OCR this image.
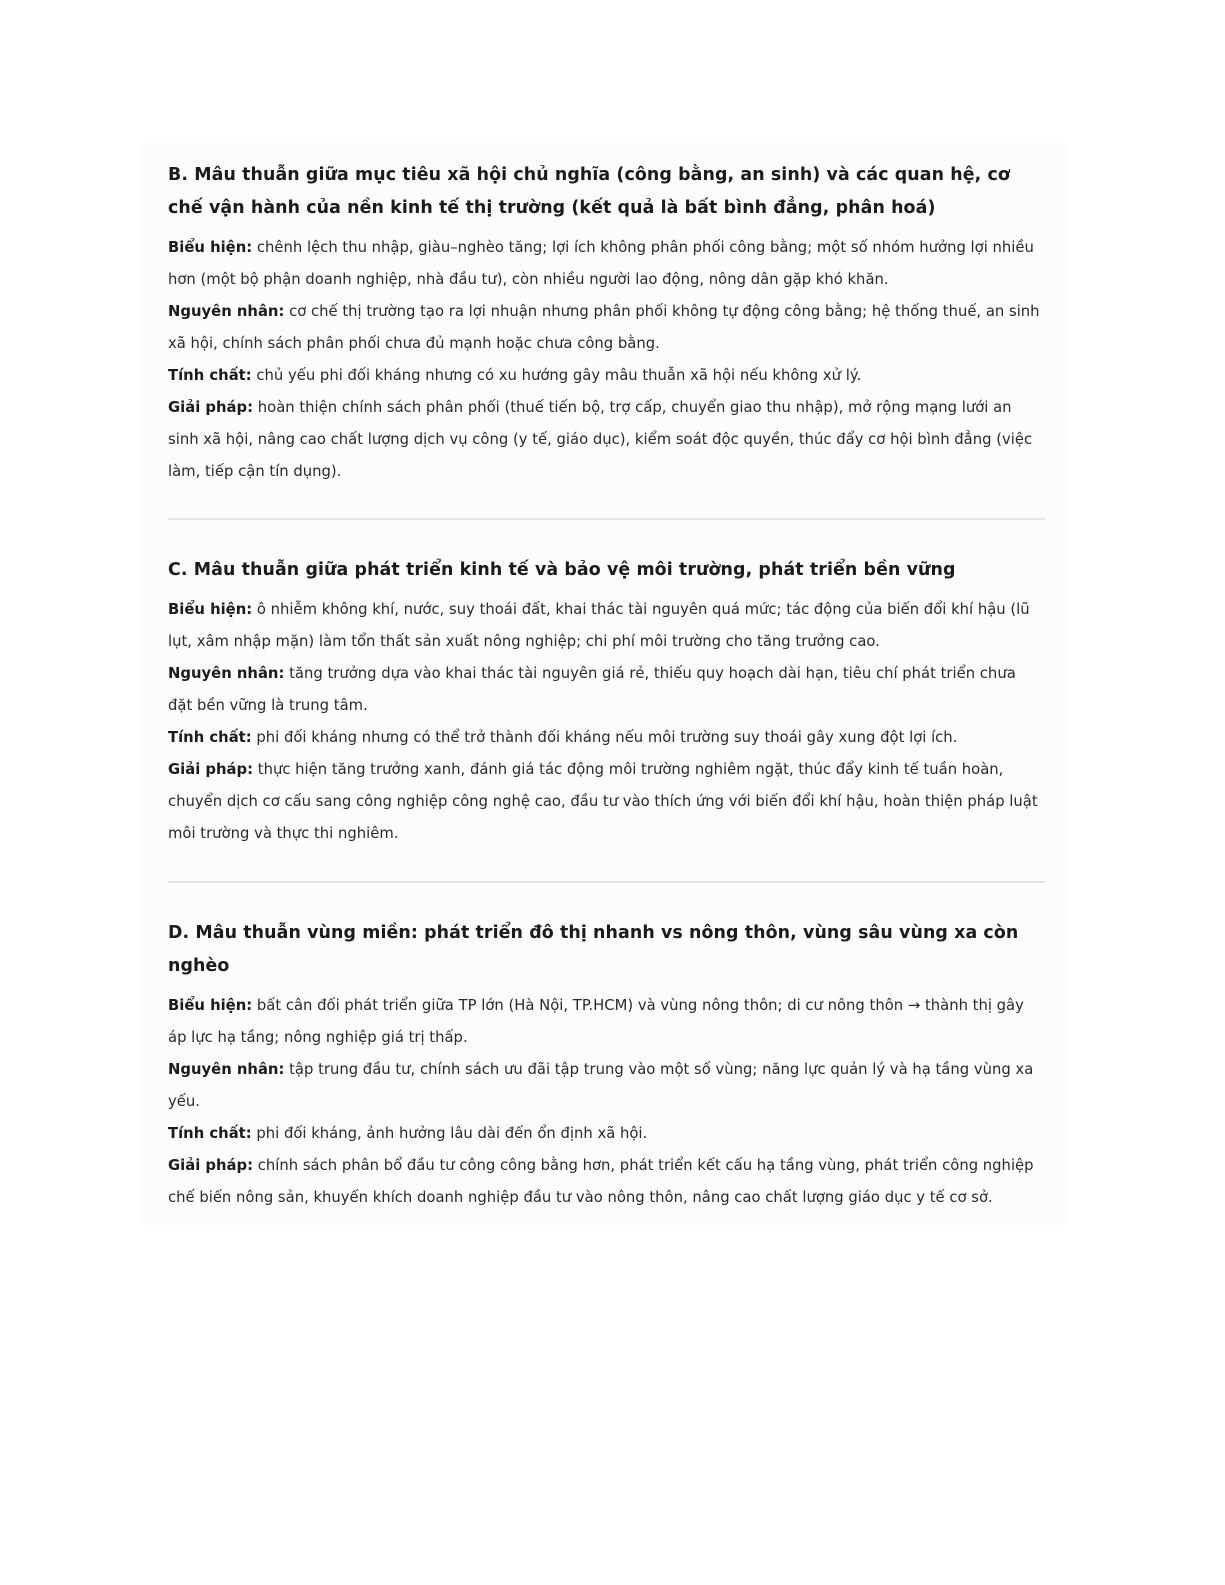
B. Mâu thuẫn giữa mục tiêu xã hội chủ nghĩa (công bằng, an sinh) và các quan hệ, cơ chế vận hành của nền kinh tế thị trường (kết quả là bất bình đẳng, phân hoá)

Biểu hiện: chênh lệch thu nhập, giàu–nghèo tăng; lợi ích không phân phối công bằng; một số nhóm hưởng lợi nhiều hơn (một bộ phận doanh nghiệp, nhà đầu tư), còn nhiều người lao động, nông dân gặp khó khăn.

Nguyên nhân: cơ chế thị trường tạo ra lợi nhuận nhưng phân phối không tự động công bằng; hệ thống thuế, an sinh xã hội, chính sách phân phối chưa đủ mạnh hoặc chưa công bằng.

Tính chất: chủ yếu phi đối kháng nhưng có xu hướng gây mâu thuẫn xã hội nếu không xử lý.

Giải pháp: hoàn thiện chính sách phân phối (thuế tiến bộ, trợ cấp, chuyển giao thu nhập), mở rộng mạng lưới an sinh xã hội, nâng cao chất lượng dịch vụ công (y tế, giáo dục), kiểm soát độc quyền, thúc đẩy cơ hội bình đẳng (việc làm, tiếp cận tín dụng).

C. Mâu thuẫn giữa phát triển kinh tế và bảo vệ môi trường, phát triển bền vững

Biểu hiện: ô nhiễm không khí, nước, suy thoái đất, khai thác tài nguyên quá mức; tác động của biến đổi khí hậu (lũ lụt, xâm nhập mặn) làm tổn thất sản xuất nông nghiệp; chi phí môi trường cho tăng trưởng cao.

Nguyên nhân: tăng trưởng dựa vào khai thác tài nguyên giá rẻ, thiếu quy hoạch dài hạn, tiêu chí phát triển chưa đặt bền vững là trung tâm.

Tính chất: phi đối kháng nhưng có thể trở thành đối kháng nếu môi trường suy thoái gây xung đột lợi ích.

Giải pháp: thực hiện tăng trưởng xanh, đánh giá tác động môi trường nghiêm ngặt, thúc đẩy kinh tế tuần hoàn, chuyển dịch cơ cấu sang công nghiệp công nghệ cao, đầu tư vào thích ứng với biến đổi khí hậu, hoàn thiện pháp luật môi trường và thực thi nghiêm.

D. Mâu thuẫn vùng miền: phát triển đô thị nhanh vs nông thôn, vùng sâu vùng xa còn nghèo

Biểu hiện: bất cân đối phát triển giữa TP lớn (Hà Nội, TP.HCM) và vùng nông thôn; di cư nông thôn → thành thị gây áp lực hạ tầng; nông nghiệp giá trị thấp.

Nguyên nhân: tập trung đầu tư, chính sách ưu đãi tập trung vào một số vùng; năng lực quản lý và hạ tầng vùng xa yếu.

Tính chất: phi đối kháng, ảnh hưởng lâu dài đến ổn định xã hội.

Giải pháp: chính sách phân bổ đầu tư công công bằng hơn, phát triển kết cấu hạ tầng vùng, phát triển công nghiệp chế biến nông sản, khuyến khích doanh nghiệp đầu tư vào nông thôn, nâng cao chất lượng giáo dục y tế cơ sở.
